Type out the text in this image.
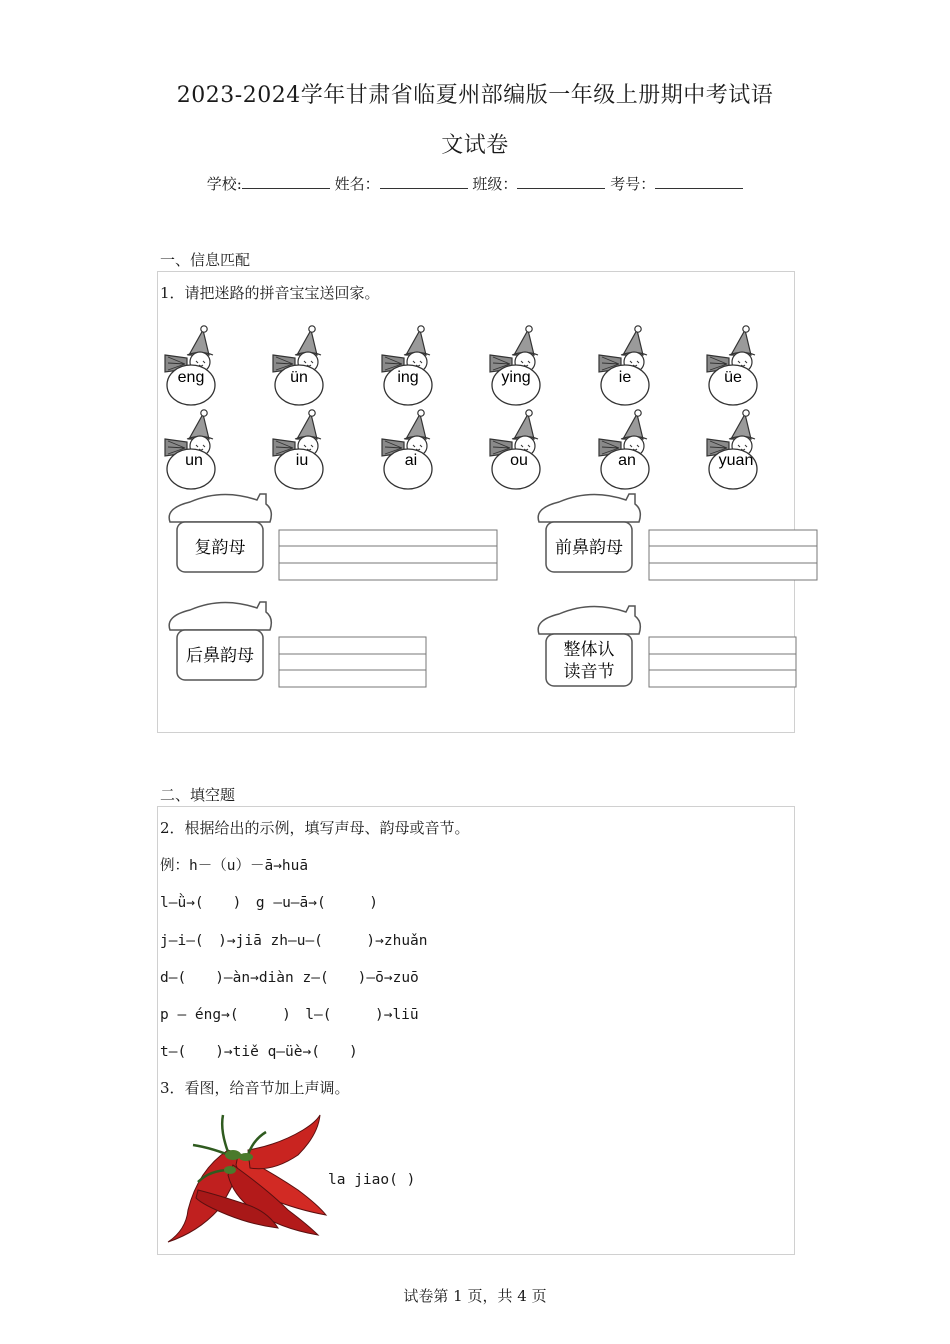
2023-2024学年甘肃省临夏州部编版一年级上册期中考试语
文试卷
学校:	姓名：	班级：	考号：
一、信息匹配
1．请把迷路的拼音宝宝送回家。
eng	ün	ing	ying	ie	üe
un	iu	ai	ou	an	yuan
复韵母	前鼻韵母
后鼻韵母	整体认
读音节
二、填空题
2．根据给出的示例，填写声母、韵母或音节。
例：h－（u）－ā→huā
l—ǜ→(　　)　g —u—ā→(　　　)
j—i—(　)→jiā zh—u—(　　　)→zhuǎn
d—(　　)—àn→diàn z—(　　)—ō→zuō
p — éng→(　　　)　l—(　　　)→liū
t—(　　)→tiě q—üè→(　　)
3．看图，给音节加上声调。
la jiao( )
试卷第 1 页，共 4 页
